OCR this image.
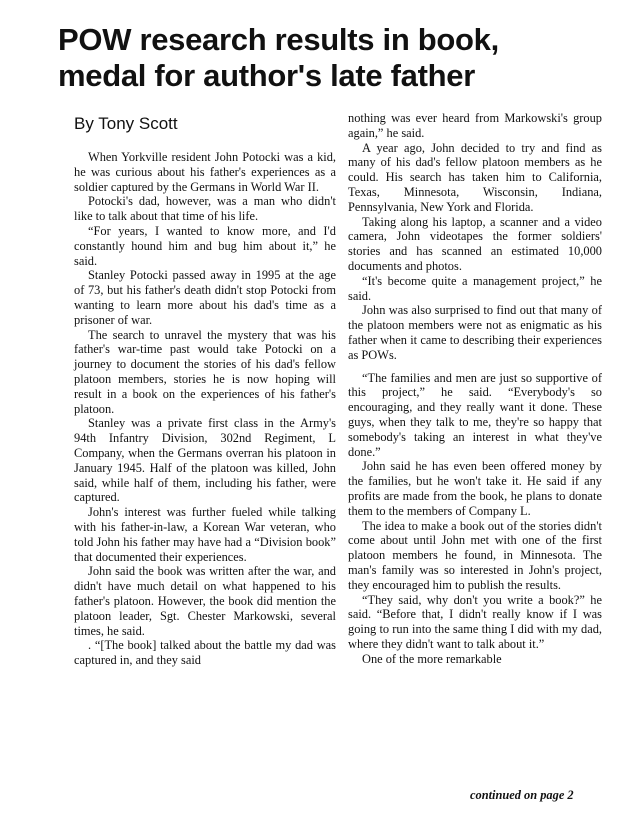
POW research results in book,
medal for author's late father

By Tony Scott

When Yorkville resident John Potocki was a kid, he was curious about his father's experiences as a soldier captured by the Germans in World War II.

Potocki's dad, however, was a man who didn't like to talk about that time of his life.

“For years, I wanted to know more, and I'd constantly hound him and bug him about it,” he said.

Stanley Potocki passed away in 1995 at the age of 73, but his father's death didn't stop Potocki from wanting to learn more about his dad's time as a prisoner of war.

The search to unravel the mystery that was his father's war-time past would take Potocki on a journey to document the stories of his dad's fellow platoon members, stories he is now hoping will result in a book on the experiences of his father's platoon.

Stanley was a private first class in the Army's 94th Infantry Division, 302nd Regiment, L Company, when the Germans overran his platoon in January 1945. Half of the platoon was killed, John said, while half of them, including his father, were captured.

John's interest was further fueled while talking with his father-in-law, a Korean War veteran, who told John his father may have had a “Division book” that documented their experiences.

John said the book was written after the war, and didn't have much detail on what happened to his father's platoon. However, the book did mention the platoon leader, Sgt. Chester Markowski, several times, he said.

. “[The book] talked about the battle my dad was captured in, and they said

nothing was ever heard from Markowski's group again,” he said.

A year ago, John decided to try and find as many of his dad's fellow platoon members as he could. His search has taken him to California, Texas, Minnesota, Wisconsin, Indiana, Pennsylvania, New York and Florida.

Taking along his laptop, a scanner and a video camera, John videotapes the former soldiers' stories and has scanned an estimated 10,000 documents and photos.

“It's become quite a management project,” he said.

John was also surprised to find out that many of the platoon members were not as enigmatic as his father when it came to describing their experiences as POWs.

“The families and men are just so supportive of this project,” he said. “Everybody's so encouraging, and they really want it done. These guys, when they talk to me, they're so happy that somebody's taking an interest in what they've done.”

John said he has even been offered money by the families, but he won't take it. He said if any profits are made from the book, he plans to donate them to the members of Company L.

The idea to make a book out of the stories didn't come about until John met with one of the first platoon members he found, in Minnesota. The man's family was so interested in John's project, they encouraged him to publish the results.

“They said, why don't you write a book?” he said. “Before that, I didn't really know if I was going to run into the same thing I did with my dad, where they didn't want to talk about it.”

One of the more remarkable

continued on page 2
